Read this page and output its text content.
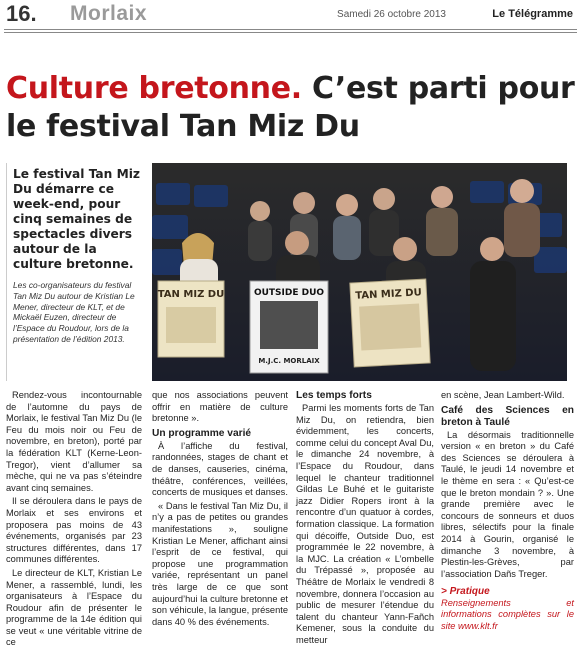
16. Morlaix	Samedi 26 octobre 2013	Le Télégramme
Culture bretonne. C’est parti pour le festival Tan Miz Du

Le festival Tan Miz Du démarre ce week-end, pour cinq semaines de spectacles divers autour de la culture bretonne.

Les co-organisateurs du festival Tan Miz Du autour de Kristian Le Mener, directeur de KLT, et de Mickaël Euzen, directeur de l’Espace du Roudour, lors de la présentation de l’édition 2013.

TAN MIZ DU	OUTSIDE DUO
M.J.C. MORLAIX
TAN MIZ DU

Rendez-vous incontournable de l’automne du pays de Morlaix, le festival Tan Miz Du (le Feu du mois noir ou Feu de novembre, en breton), porté par la fédération KLT (Kerne-Leon-Tregor), vient d’allumer sa mèche, qui ne va pas s’éteindre avant cinq semaines.

Il se déroulera dans le pays de Morlaix et ses environs et proposera pas moins de 43 événements, organisés par 23 structures différentes, dans 17 communes différentes.

Le directeur de KLT, Kristian Le Mener, a rassemblé, lundi, les organisateurs à l’Espace du Roudour afin de présenter le programme de la 14e édition qui se veut « une véritable vitrine de ce

que nos associations peuvent offrir en matière de culture bretonne ».

Un programme varié

À l’affiche du festival, randonnées, stages de chant et de danses, causeries, cinéma, théâtre, conférences, veillées, concerts de musiques et danses.

« Dans le festival Tan Miz Du, il n’y a pas de petites ou grandes manifestations », souligne Kristian Le Mener, affichant ainsi l’esprit de ce festival, qui propose une programmation variée, représentant un panel très large de ce que sont aujourd’hui la culture bretonne et son véhicule, la langue, présente dans 40 % des événements.

Les temps forts

Parmi les moments forts de Tan Miz Du, on retiendra, bien évidemment, les concerts, comme celui du concept Aval Du, le dimanche 24 novembre, à l’Espace du Roudour, dans lequel le chanteur traditionnel Gildas Le Buhé et le guitariste jazz Didier Ropers iront à la rencontre d’un quatuor à cordes, formation classique. La formation qui décoiffe, Outside Duo, est programmée le 22 novembre, à la MJC. La création « L’ombelle du Trépassé », proposée au Théâtre de Morlaix le vendredi 8 novembre, donnera l’occasion au public de mesurer l’étendue du talent du chanteur Yann-Fañch Kemener, sous la conduite du metteur

en scène, Jean Lambert-Wild.

Café des Sciences en breton à Taulé

La désormais traditionnelle version « en breton » du Café des Sciences se déroulera à Taulé, le jeudi 14 novembre et le thème en sera : « Qu’est-ce que le breton mondain ? ». Une grande première avec le concours de sonneurs et duos libres, sélectifs pour la finale 2014 à Gourin, organisé le dimanche 3 novembre, à Plestin-les-Grèves, par l’association Dañs Treger.

> Pratique
Renseignements et informations complètes sur le site www.klt.fr
